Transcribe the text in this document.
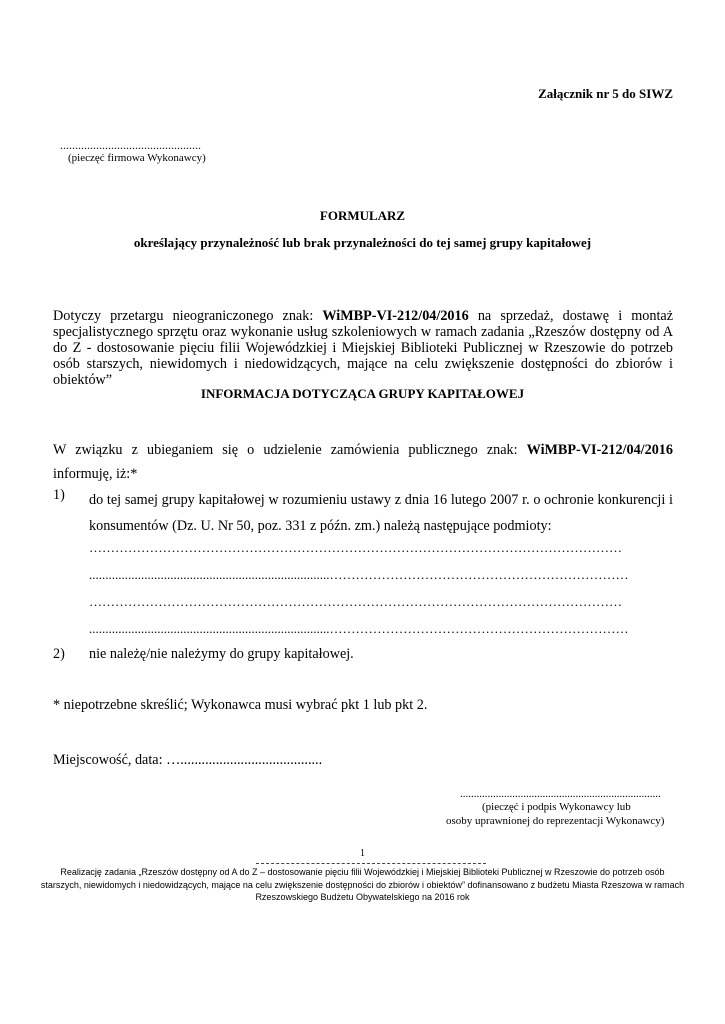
Załącznik nr 5 do SIWZ
...............................................
(pieczęć firmowa Wykonawcy)
FORMULARZ
określający przynależność lub brak przynależności do tej samej grupy kapitałowej
Dotyczy przetargu nieograniczonego znak: WiMBP-VI-212/04/2016 na sprzedaż, dostawę i montaż specjalistycznego sprzętu oraz wykonanie usług szkoleniowych w ramach zadania „Rzeszów dostępny od A do Z - dostosowanie pięciu filii Wojewódzkiej i Miejskiej Biblioteki Publicznej w Rzeszowie do potrzeb osób starszych, niewidomych i niedowidzących, mające na celu zwiększenie dostępności do zbiorów i obiektów”
INFORMACJA DOTYCZĄCA GRUPY KAPITAŁOWEJ
W związku z ubieganiem się o udzielenie zamówienia publicznego znak: WiMBP-VI-212/04/2016 informuję, iż:*
1) do tej samej grupy kapitałowej w rozumieniu ustawy z dnia 16 lutego 2007 r. o ochronie konkurencji i konsumentów (Dz. U. Nr 50, poz. 331 z późn. zm.) należą następujące podmioty:
……………………………………………………………………………………………………………
..........................................................................……………………………………………………………
……………………………………………………………………………………………………………
..........................................................................……………………………………………………………
2) nie należę/nie należymy do grupy kapitałowej.
* niepotrzebne skreślić; Wykonawca musi wybrać pkt 1 lub pkt 2.
Miejscowość, data: …........................................
.........................................................................
(pieczęć i podpis Wykonawcy lub
osoby uprawnionej do reprezentacji Wykonawcy)
1
Realizację zadania „Rzeszów dostępny od A do Z – dostosowanie pięciu filii Wojewódzkiej i Miejskiej Biblioteki Publicznej w Rzeszowie do potrzeb osób starszych, niewidomych i niedowidzących, mające na celu zwiększenie dostępności do zbiorów i obiektów” dofinansowano z budżetu Miasta Rzeszowa w ramach Rzeszowskiego Budżetu Obywatelskiego na 2016 rok
